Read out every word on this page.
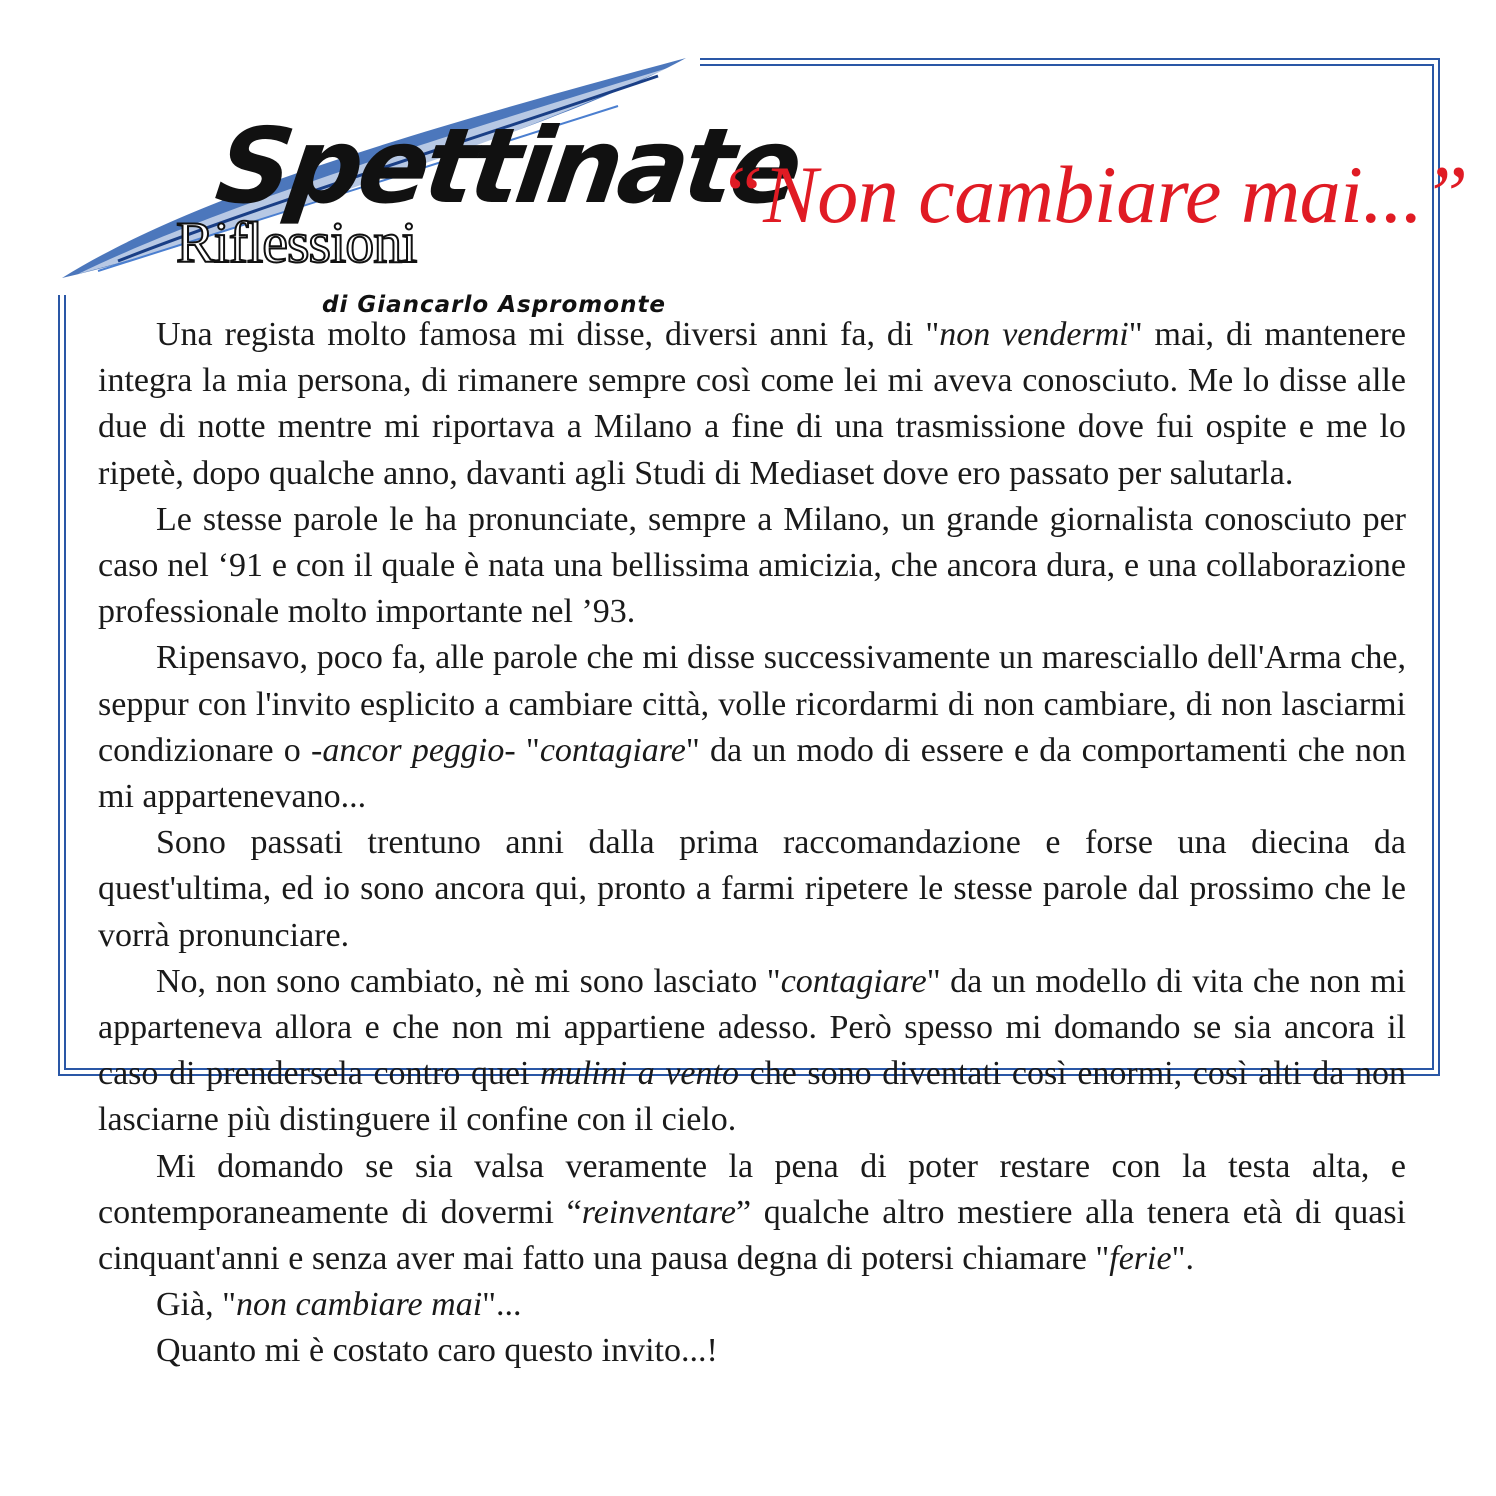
Spettinate
Riflessioni
di Giancarlo Aspromonte
“Non cambiare mai...”

Una regista molto famosa mi disse, diversi anni fa, di "non vendermi" mai, di mantenere integra la mia persona, di rimanere sempre così come lei mi aveva conosciuto. Me lo disse alle due di notte mentre mi riportava a Milano a fine di una trasmissione dove fui ospite e me lo ripetè, dopo qualche anno, davanti agli Studi di Mediaset dove ero passato per salutarla.

Le stesse parole le ha pronunciate, sempre a Milano, un grande giornalista conosciuto per caso nel ‘91 e con il quale è nata una bellissima amicizia, che ancora dura, e una collaborazione professionale molto importante nel ’93.

Ripensavo, poco fa, alle parole che mi disse successivamente un maresciallo dell'Arma che, seppur con l'invito esplicito a cambiare città, volle ricordarmi di non cambiare, di non lasciarmi condizionare o -ancor peggio- "contagiare" da un modo di essere e da comportamenti che non mi appartenevano...

Sono passati trentuno anni dalla prima raccomandazione e forse una diecina da quest'ultima, ed io sono ancora qui, pronto a farmi ripetere le stesse parole dal prossimo che le vorrà pronunciare.

No, non sono cambiato, nè mi sono lasciato "contagiare" da un modello di vita che non mi apparteneva allora e che non mi appartiene adesso. Però spesso mi domando se sia ancora il caso di prendersela contro quei mulini a vento che sono diventati così enormi, così alti da non lasciarne più distinguere il confine con il cielo.

Mi domando se sia valsa veramente la pena di poter restare con la testa alta, e contemporaneamente di dovermi “reinventare” qualche altro mestiere alla tenera età di quasi cinquant'anni e senza aver mai fatto una pausa degna di potersi chiamare "ferie".

Già, "non cambiare mai"...

Quanto mi è costato caro questo invito...!
